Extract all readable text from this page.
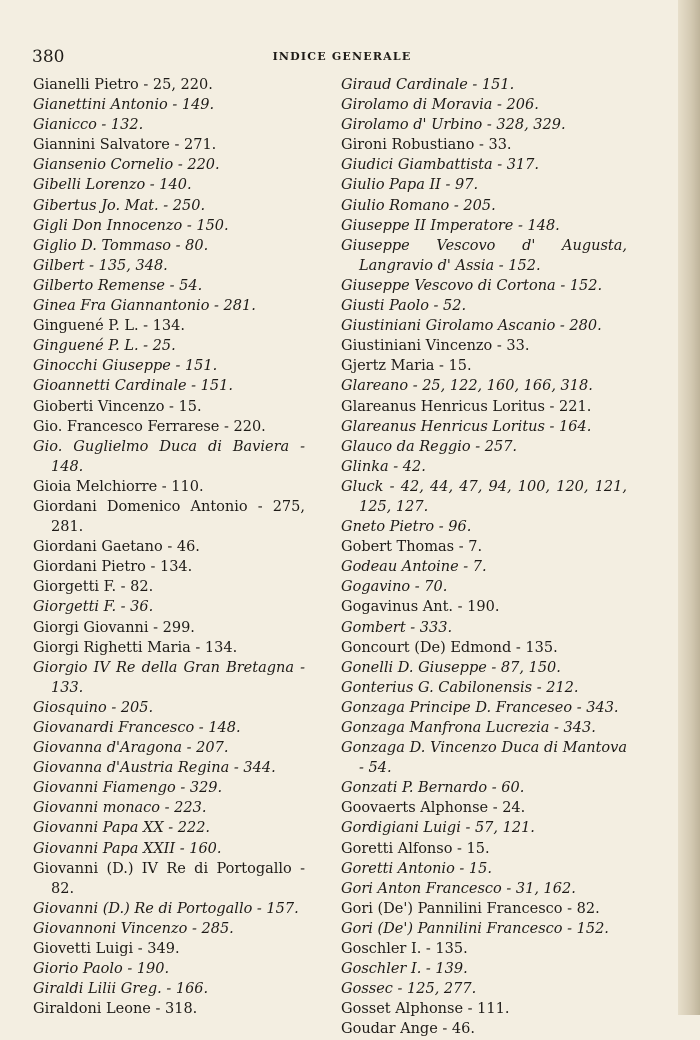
380	INDICE GENERALE
Gianelli Pietro - 25, 220.
Gianettini Antonio - 149.
Gianicco - 132.
Giannini Salvatore - 271.
Giansenio Cornelio - 220.
Gibelli Lorenzo - 140.
Gibertus Jo. Mat. - 250.
Gigli Don Innocenzo - 150.
Giglio D. Tommaso - 80.
Gilbert - 135, 348.
Gilberto Remense - 54.
Ginea Fra Giannantonio - 281.
Ginguené P. L. - 134.
Ginguené P. L. - 25.
Ginocchi Giuseppe - 151.
Gioannetti Cardinale - 151.
Gioberti Vincenzo - 15.
Gio. Francesco Ferrarese - 220.
Gio. Guglielmo Duca di Baviera - 148.
Gioia Melchiorre - 110.
Giordani Domenico Antonio - 275, 281.
Giordani Gaetano - 46.
Giordani Pietro - 134.
Giorgetti F. - 82.
Giorgetti F. - 36.
Giorgi Giovanni - 299.
Giorgi Righetti Maria - 134.
Giorgio IV Re della Gran Bretagna - 133.
Giosquino - 205.
Giovanardi Francesco - 148.
Giovanna d'Aragona - 207.
Giovanna d'Austria Regina - 344.
Giovanni Fiamengo - 329.
Giovanni monaco - 223.
Giovanni Papa XX - 222.
Giovanni Papa XXII - 160.
Giovanni (D.) IV Re di Portogallo - 82.
Giovanni (D.) Re di Portogallo - 157.
Giovannoni Vincenzo - 285.
Giovetti Luigi - 349.
Giorio Paolo - 190.
Giraldi Lilii Greg. - 166.
Giraldoni Leone - 318.
Giraud Cardinale - 151.
Girolamo di Moravia - 206.
Girolamo d' Urbino - 328, 329.
Gironi Robustiano - 33.
Giudici Giambattista - 317.
Giulio Papa II - 97.
Giulio Romano - 205.
Giuseppe II Imperatore - 148.
Giuseppe Vescovo d' Augusta, Langravio d' Assia - 152.
Giuseppe Vescovo di Cortona - 152.
Giusti Paolo - 52.
Giustiniani Girolamo Ascanio - 280.
Giustiniani Vincenzo - 33.
Gjertz Maria - 15.
Glareano - 25, 122, 160, 166, 318.
Glareanus Henricus Loritus - 221.
Glareanus Henricus Loritus - 164.
Glauco da Reggio - 257.
Glinka - 42.
Gluck - 42, 44, 47, 94, 100, 120, 121, 125, 127.
Gneto Pietro - 96.
Gobert Thomas - 7.
Godeau Antoine - 7.
Gogavino - 70.
Gogavinus Ant. - 190.
Gombert - 333.
Goncourt (De) Edmond - 135.
Gonelli D. Giuseppe - 87, 150.
Gonterius G. Cabilonensis - 212.
Gonzaga Principe D. Franceseo - 343.
Gonzaga Manfrona Lucrezia - 343.
Gonzaga D. Vincenzo Duca di Mantova - 54.
Gonzati P. Bernardo - 60.
Goovaerts Alphonse - 24.
Gordigiani Luigi - 57, 121.
Goretti Alfonso - 15.
Goretti Antonio - 15.
Gori Anton Francesco - 31, 162.
Gori (De') Pannilini Francesco - 82.
Gori (De') Pannilini Francesco - 152.
Goschler I. - 135.
Goschler I. - 139.
Gossec - 125, 277.
Gosset Alphonse - 111.
Goudar Ange - 46.
